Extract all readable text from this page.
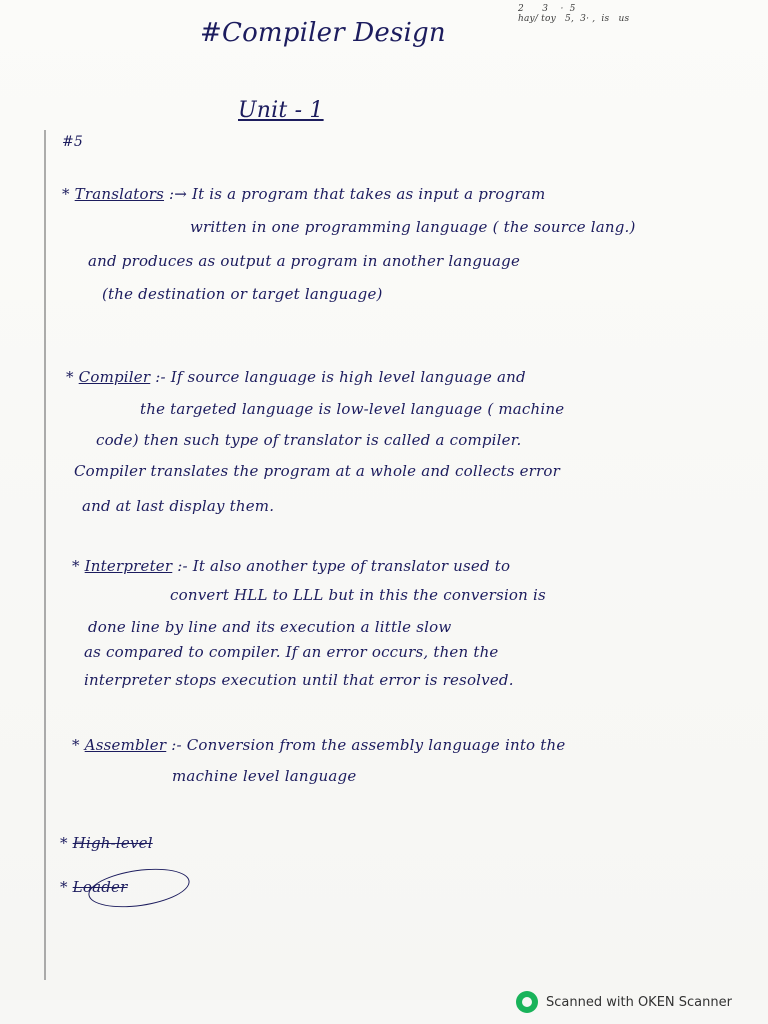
#Compiler Design
2      3    ·  5
hay/ toy   5,  3· ,  is   us
Unit - 1
#5
* Translators :→ It is a program that takes as input a program
written in one programming language ( the source lang.)
and produces as output a program in another language
(the destination or target language)
* Compiler :- If source language is high level language and
the targeted language is low-level language ( machine
code) then such type of translator is called a compiler.
Compiler translates the program at a whole and collects error
and at last display them.
* Interpreter :- It also another type of translator used to
convert HLL to LLL but in this the conversion is
done line by line and its execution a little slow
as compared to compiler. If an error occurs, then the
interpreter stops execution until that error is resolved.
* Assembler :- Conversion from the assembly language into the
machine level language
* High-level
* Loader
Scanned with OKEN Scanner
